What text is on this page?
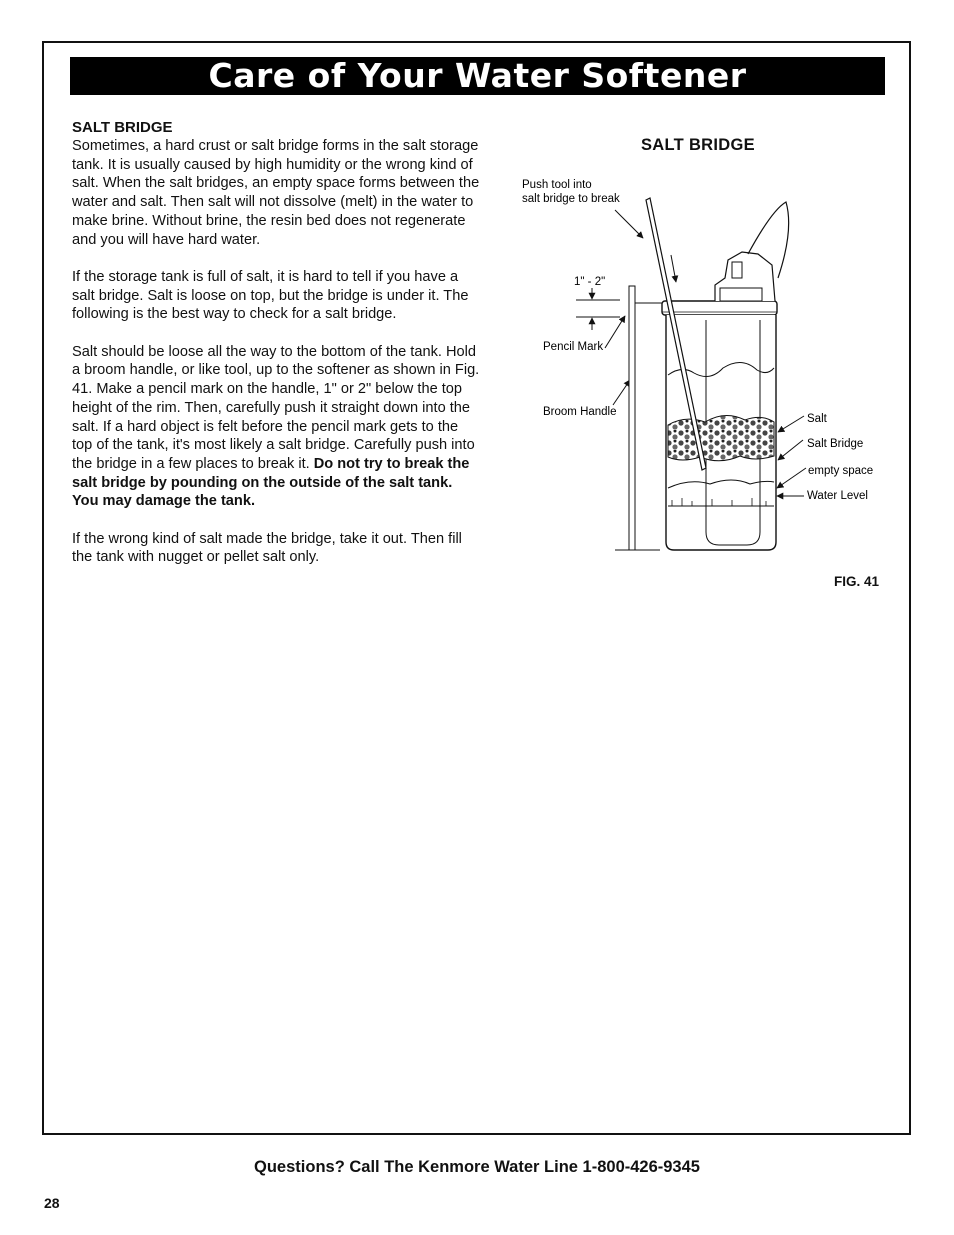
Care of Your Water Softener
SALT BRIDGE

Sometimes, a hard crust or salt bridge forms in the salt storage tank. It is usually caused by high humidity or the wrong kind of salt. When the salt bridges, an empty space forms between the water and salt. Then salt will not dissolve (melt) in the water to make brine. Without brine, the resin bed does not regenerate and you will have hard water.

If the storage tank is full of salt, it is hard to tell if you have a salt bridge. Salt is loose on top, but the bridge is under it. The following is the best way to check for a salt bridge.

Salt should be loose all the way to the bottom of the tank. Hold a broom handle, or like tool, up to the softener as shown in Fig. 41. Make a pencil mark on the handle, 1" or 2" below the top height of the rim. Then, carefully push it straight down into the salt. If a hard object is felt before the pencil mark gets to the top of the tank, it's most likely a salt bridge. Carefully push into the bridge in a few places to break it. Do not try to break the salt bridge by pounding on the outside of the salt tank. You may damage the tank.

If the wrong kind of salt made the bridge, take it out. Then fill the tank with nugget or pellet salt only.

SALT BRIDGE
Push tool into
salt bridge to break
1" - 2"
Pencil Mark
Broom Handle
Salt
Salt Bridge
empty space
Water Level
FIG. 41
Questions? Call The Kenmore Water Line 1-800-426-9345
28
